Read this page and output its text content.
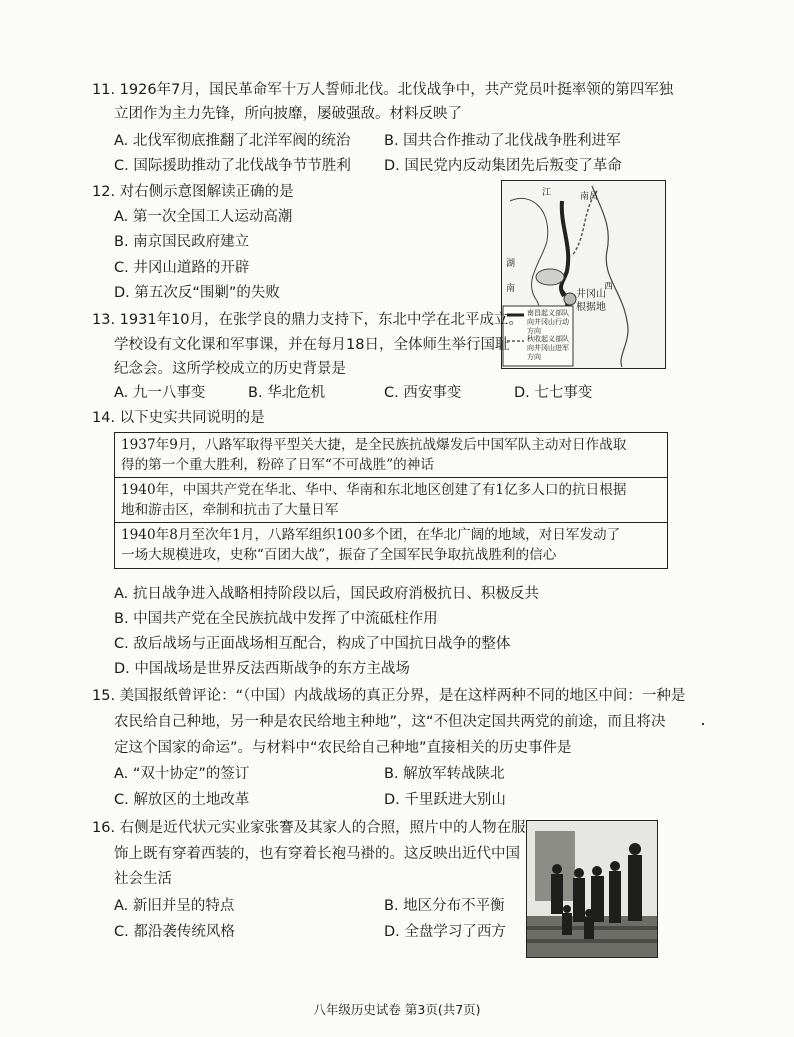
11. 1926年7月，国民革命军十万人誓师北伐。北伐战争中，共产党员叶挺率领的第四军独
立团作为主力先锋，所向披靡，屡破强敌。材料反映了
A. 北伐军彻底推翻了北洋军阀的统治 B. 国共合作推动了北伐战争胜利进军
C. 国际援助推动了北伐战争节节胜利 D. 国民党内反动集团先后叛变了革命
12. 对右侧示意图解读正确的是
A. 第一次全国工人运动高潮
B. 南京国民政府建立
C. 井冈山道路的开辟
D. 第五次反“围剿”的失败
南昌
江
西
井冈山
根据地
湖
南
南昌起义部队向井冈山行动方向
秋收起义部队向井冈山进军方向
13. 1931年10月，在张学良的鼎力支持下，东北中学在北平成立。
学校设有文化课和军事课，并在每月18日，全体师生举行国耻
纪念会。这所学校成立的历史背景是
A. 九一八事变	B. 华北危机	C. 西安事变	D. 七七事变
14. 以下史实共同说明的是
1937年9月，八路军取得平型关大捷，是全民族抗战爆发后中国军队主动对日作战取
得的第一个重大胜利，粉碎了日军“不可战胜”的神话
1940年，中国共产党在华北、华中、华南和东北地区创建了有1亿多人口的抗日根据
地和游击区，牵制和抗击了大量日军
1940年8月至次年1月，八路军组织100多个团，在华北广阔的地域，对日军发动了
一场大规模进攻，史称“百团大战”，振奋了全国军民争取抗战胜利的信心
A. 抗日战争进入战略相持阶段以后，国民政府消极抗日、积极反共
B. 中国共产党在全民族抗战中发挥了中流砥柱作用
C. 敌后战场与正面战场相互配合，构成了中国抗日战争的整体
D. 中国战场是世界反法西斯战争的东方主战场
15. 美国报纸曾评论：“（中国）内战战场的真正分界，是在这样两种不同的地区中间：一种是
农民给自己种地，另一种是农民给地主种地”，这“不但决定国共两党的前途，而且将决
定这个国家的命运”。与材料中“农民给自己种地”直接相关的历史事件是
A. “双十协定”的签订	B. 解放军转战陕北
C. 解放区的土地改革	D. 千里跃进大别山
16. 右侧是近代状元实业家张謇及其家人的合照，照片中的人物在服
饰上既有穿着西装的，也有穿着长袍马褂的。这反映出近代中国
社会生活
A. 新旧并呈的特点	B. 地区分布不平衡
C. 都沿袭传统风格	D. 全盘学习了西方
八年级历史试卷 第3页(共7页)
